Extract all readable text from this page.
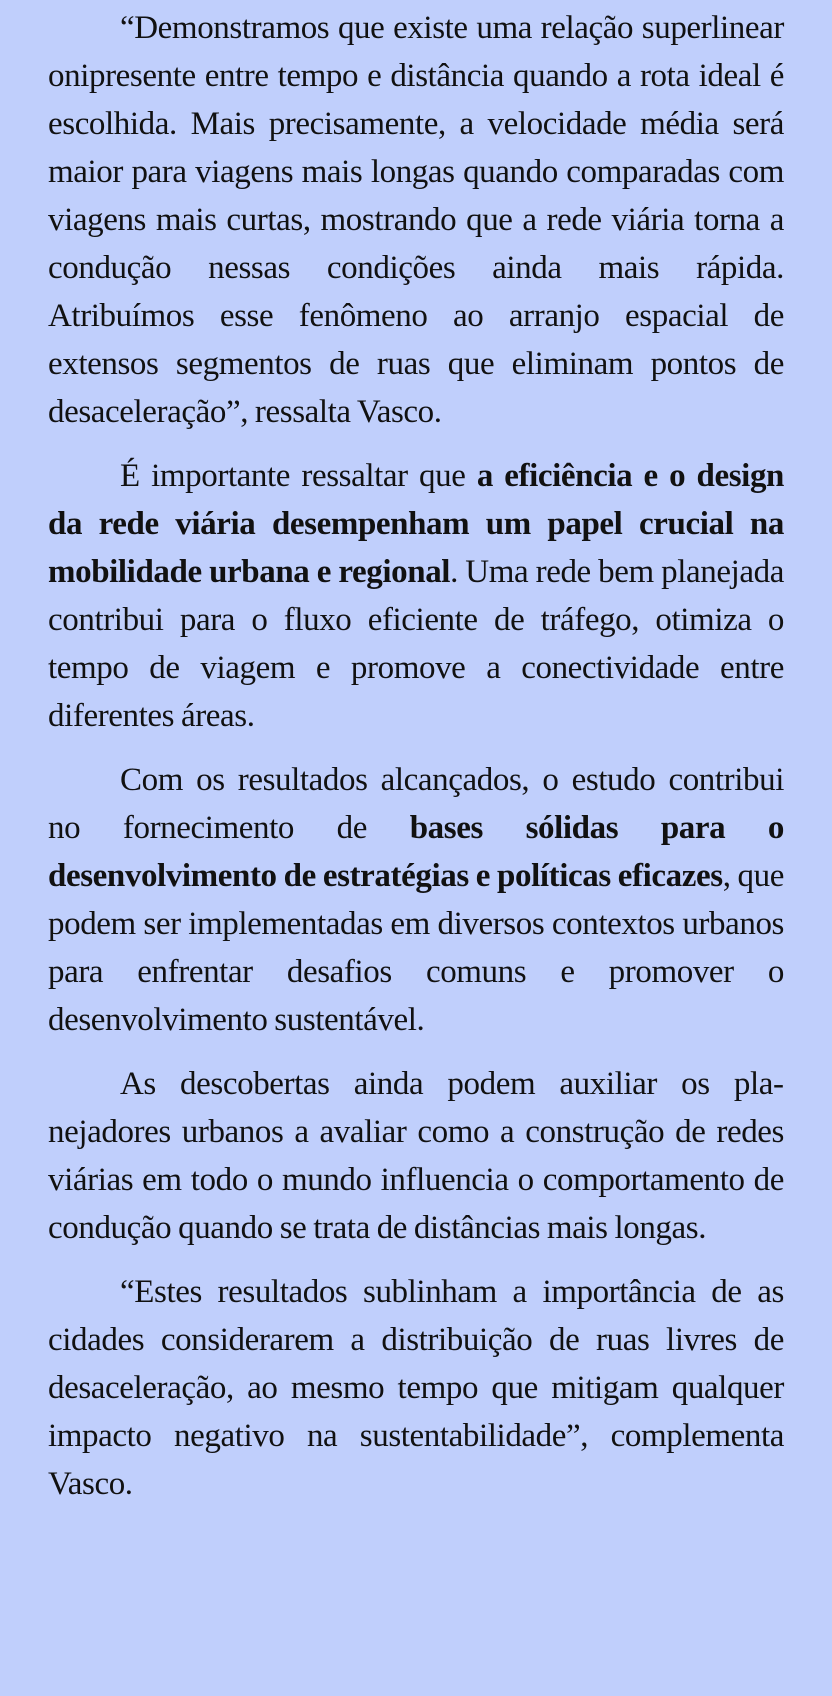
“Demonstramos que existe uma relação superlinear onipresente entre tempo e distância quando a rota ideal é escolhida. Mais precisamente, a velocidade média será maior para viagens mais longas quando comparadas com viagens mais curtas, mostrando que a rede viária torna a condução nessas condições ainda mais rápida. Atribuímos esse fenômeno ao arranjo espacial de extensos segmentos de ruas que eliminam pontos de desaceleração”, ressalta Vasco.

É importante ressaltar que a eficiência e o design da rede viária desempenham um papel crucial na mobilidade urbana e regional. Uma rede bem planejada contribui para o fluxo eficiente de tráfego, otimiza o tempo de viagem e promove a conectividade entre diferentes áreas.

Com os resultados alcançados, o estudo contribui no fornecimento de bases sólidas para o desenvolvimento de estratégias e políticas eficazes, que podem ser implementadas em diversos contextos urbanos para enfrentar desafios comuns e promover o desenvolvimento sustentável.

As descobertas ainda podem auxiliar os planejadores urbanos a avaliar como a construção de redes viárias em todo o mundo influencia o comportamento de condução quando se trata de distâncias mais longas.

“Estes resultados sublinham a importância de as cidades considerarem a distribuição de ruas livres de desaceleração, ao mesmo tempo que mitigam qualquer impacto negativo na sustentabilidade”, complementa Vasco.
